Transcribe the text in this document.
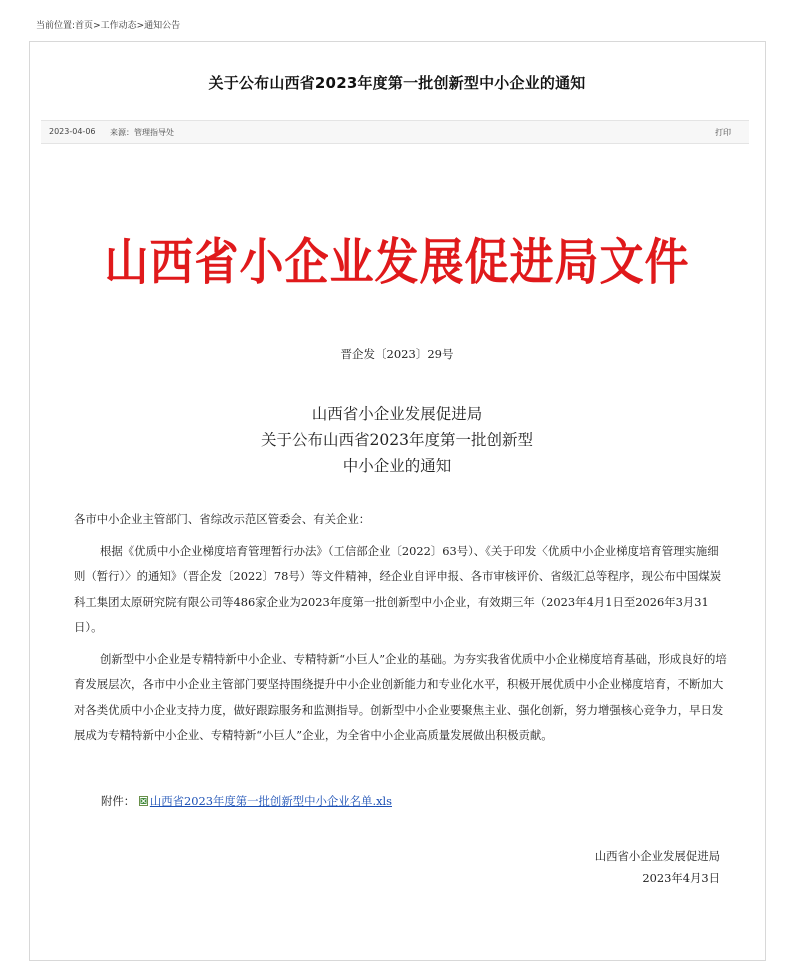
当前位置:首页>工作动态>通知公告
关于公布山西省2023年度第一批创新型中小企业的通知
2023-04-06 来源：管理指导处	打印
山西省小企业发展促进局文件
晋企发〔2023〕29号
山西省小企业发展促进局
关于公布山西省2023年度第一批创新型
中小企业的通知

各市中小企业主管部门、省综改示范区管委会、有关企业：

根据《优质中小企业梯度培育管理暂行办法》（工信部企业〔2022〕63号）、《关于印发〈优质中小企业梯度培育管理实施细则（暂行）〉的通知》（晋企发〔2022〕78号）等文件精神，经企业自评申报、各市审核评价、省级汇总等程序，现公布中国煤炭科工集团太原研究院有限公司等486家企业为2023年度第一批创新型中小企业，有效期三年（2023年4月1日至2026年3月31日）。

创新型中小企业是专精特新中小企业、专精特新“小巨人”企业的基础。为夯实我省优质中小企业梯度培育基础，形成良好的培育发展层次，各市中小企业主管部门要坚持围绕提升中小企业创新能力和专业化水平，积极开展优质中小企业梯度培育，不断加大对各类优质中小企业支持力度，做好跟踪服务和监测指导。创新型中小企业要聚焦主业、强化创新，努力增强核心竞争力，早日发展成为专精特新中小企业、专精特新“小巨人”企业，为全省中小企业高质量发展做出积极贡献。

附件： 山西省2023年度第一批创新型中小企业名单.xls
山西省小企业发展促进局
2023年4月3日
